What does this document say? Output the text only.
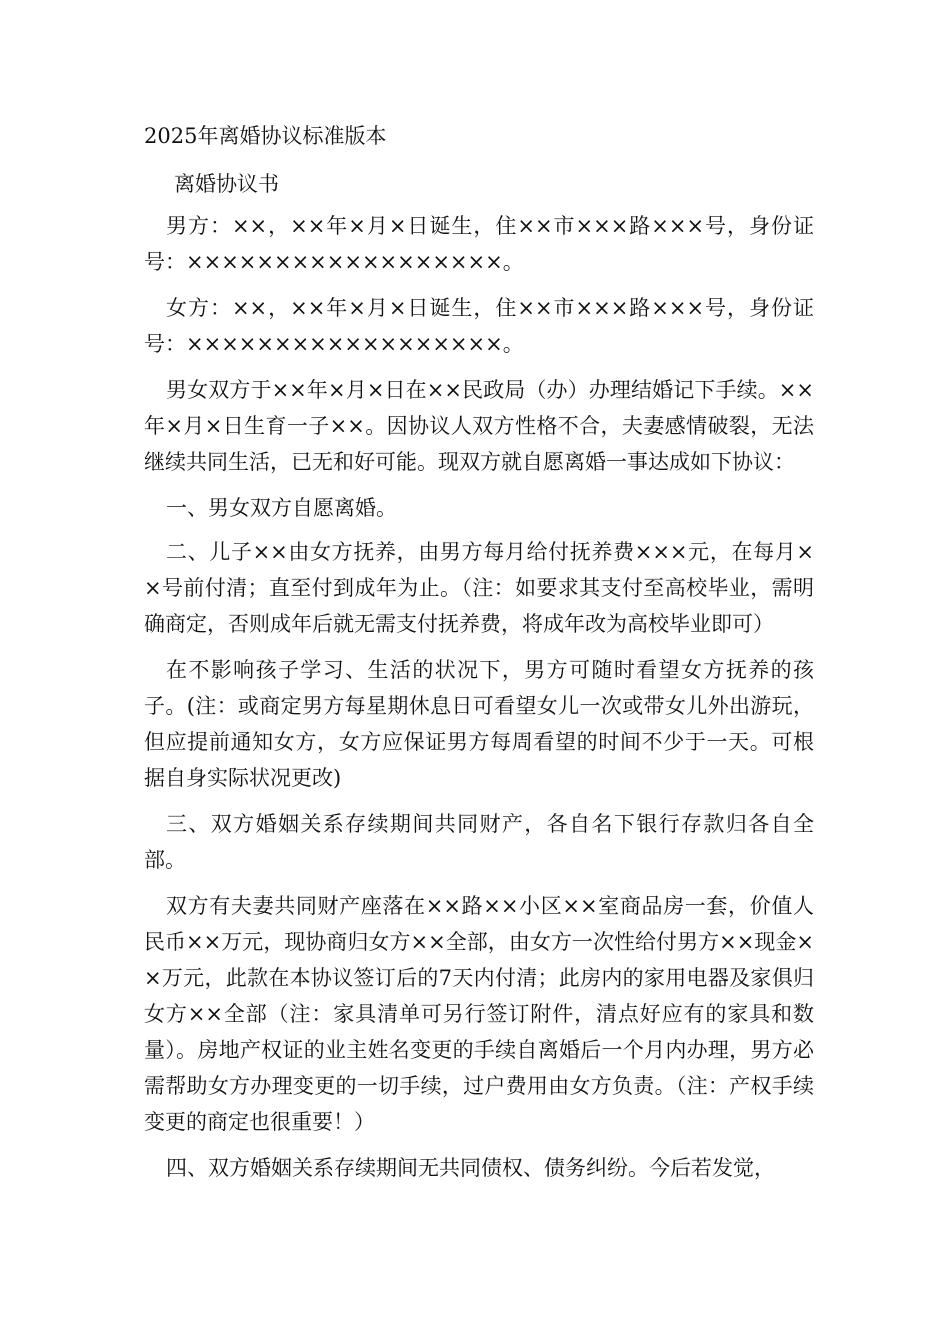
2025年离婚协议标准版本

离婚协议书

男方：××，××年×月×日诞生，住××市×××路×××号，身份证号：××××××××××××××××××。

女方：××，××年×月×日诞生，住××市×××路×××号，身份证号：××××××××××××××××××。

男女双方于××年×月×日在××民政局（办）办理结婚记下手续。××年×月×日生育一子××。因协议人双方性格不合，夫妻感情破裂，无法继续共同生活，已无和好可能。现双方就自愿离婚一事达成如下协议：

一、男女双方自愿离婚。

二、儿子××由女方抚养，由男方每月给付抚养费×××元，在每月××号前付清；直至付到成年为止。（注：如要求其支付至高校毕业，需明确商定，否则成年后就无需支付抚养费，将成年改为高校毕业即可）

在不影响孩子学习、生活的状况下，男方可随时看望女方抚养的孩子。(注：或商定男方每星期休息日可看望女儿一次或带女儿外出游玩，但应提前通知女方，女方应保证男方每周看望的时间不少于一天。可根据自身实际状况更改)

三、双方婚姻关系存续期间共同财产，各自名下银行存款归各自全部。

双方有夫妻共同财产座落在××路××小区××室商品房一套，价值人民币××万元，现协商归女方××全部，由女方一次性给付男方××现金××万元，此款在本协议签订后的7天内付清；此房内的家用电器及家俱归女方××全部（注：家具清单可另行签订附件，清点好应有的家具和数量）。房地产权证的业主姓名变更的手续自离婚后一个月内办理，男方必需帮助女方办理变更的一切手续，过户费用由女方负责。（注：产权手续变更的商定也很重要！）

四、双方婚姻关系存续期间无共同债权、债务纠纷。今后若发觉，
